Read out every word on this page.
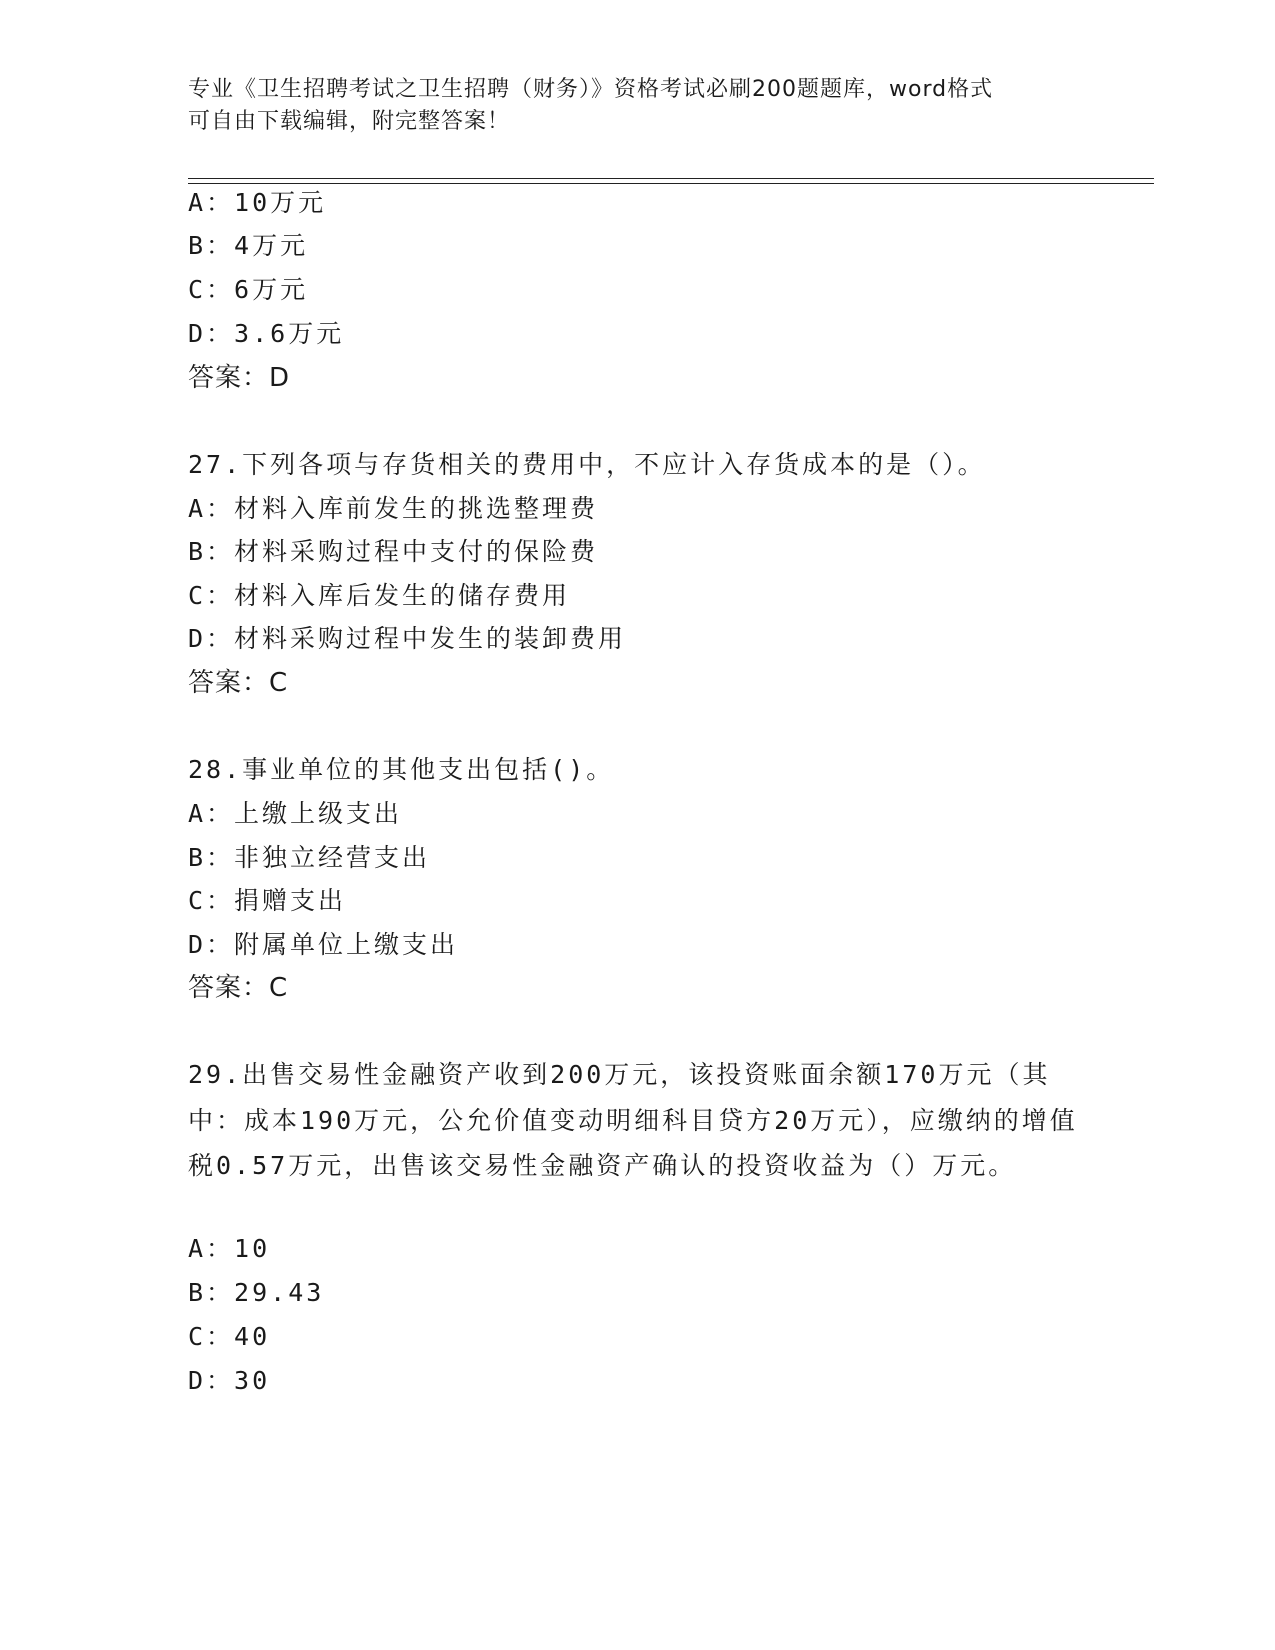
专业《卫生招聘考试之卫生招聘（财务）》资格考试必刷200题题库，word格式
可自由下载编辑，附完整答案！
A：10万元
B：4万元
C：6万元
D：3.6万元
答案：D
27.下列各项与存货相关的费用中，不应计入存货成本的是（）。
A：材料入库前发生的挑选整理费
B：材料采购过程中支付的保险费
C：材料入库后发生的储存费用
D：材料采购过程中发生的装卸费用
答案：C
28.事业单位的其他支出包括()。
A：上缴上级支出
B：非独立经营支出
C：捐赠支出
D：附属单位上缴支出
答案：C
29.出售交易性金融资产收到200万元，该投资账面余额170万元（其中：成本190万元，公允价值变动明细科目贷方20万元），应缴纳的增值税0.57万元，出售该交易性金融资产确认的投资收益为（）万元。
A：10
B：29.43
C：40
D：30
